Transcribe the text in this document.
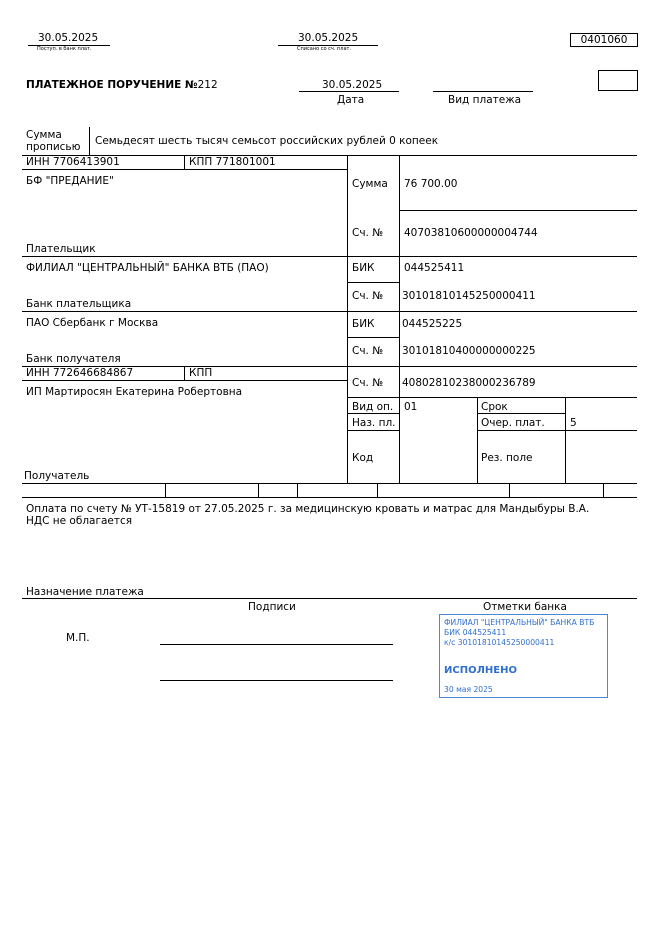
30.05.2025
Поступ. в банк плат.
30.05.2025
Списано со сч. плат.
0401060
ПЛАТЕЖНОЕ ПОРУЧЕНИЕ №212	30.05.2025
Дата	Вид платежа
Сумма прописью Семьдесят шесть тысяч семьсот российских рублей 0 копеек
ИНН 7706413901	КПП 771801001
БФ "ПРЕДАНИЕ"
Плательщик
Сумма 76 700.00
Сч. № 40703810600000004744
ФИЛИАЛ "ЦЕНТРАЛЬНЫЙ" БАНКА ВТБ (ПАО)
Банк плательщика
БИК	044525411
Сч. № 30101810145250000411
ПАО Сбербанк г Москва
Банк получателя
БИК	044525225
Сч. № 30101810400000000225
ИНН 772646684867	КПП
ИП Мартиросян Екатерина Робертовна
Получатель
Сч. № 40802810238000236789
Вид оп. 01	Срок
Наз. пл.	Очер. плат. 5
Код	Рез. поле
Оплата по счету № УТ-15819 от 27.05.2025 г. за медицинскую кровать и матрас для Мандыбуры В.А. НДС не облагается
Назначение платежа
Подписи	Отметки банка
М.П.
ФИЛИАЛ "ЦЕНТРАЛЬНЫЙ" БАНКА ВТБ
БИК 044525411
к/с 30101810145250000411
ИСПОЛНЕНО
30 мая 2025
